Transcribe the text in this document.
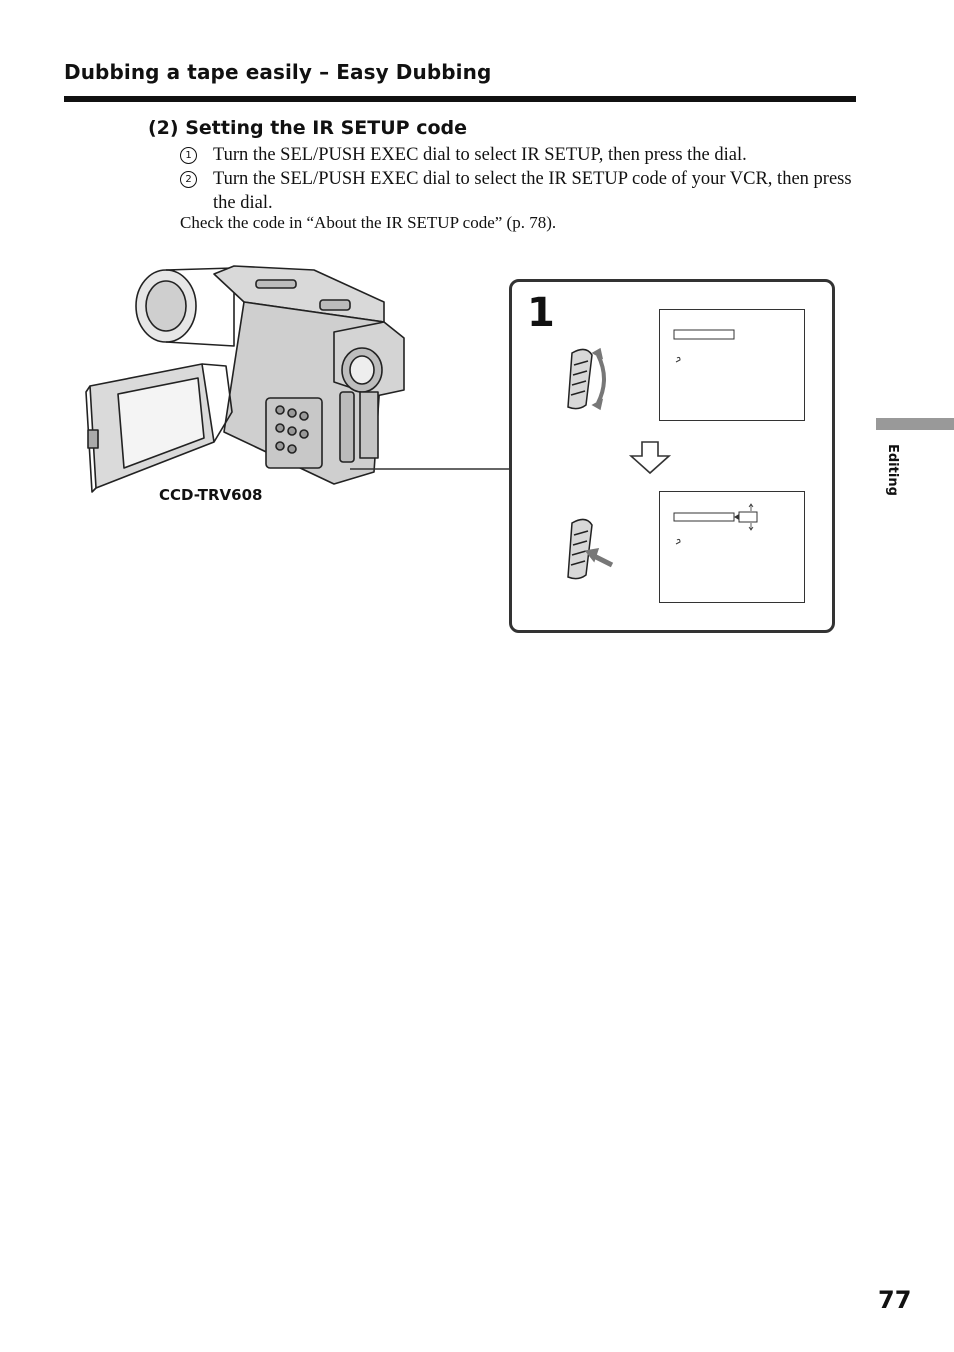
Dubbing a tape easily – Easy Dubbing
(2) Setting the IR SETUP code
1 Turn the SEL/PUSH EXEC dial to select IR SETUP, then press the dial.
2 Turn the SEL/PUSH EXEC dial to select the IR SETUP code of your VCR, then press the dial.
Check the code in “About the IR SETUP code” (p. 78).
CCD-TRV608
1
Editing
77
